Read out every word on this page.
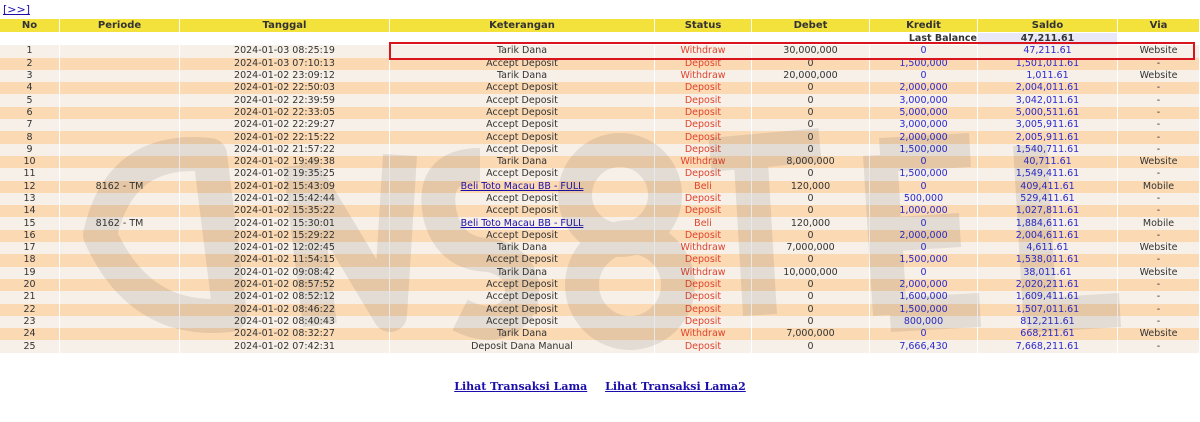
[>>]
No	Periode	Tanggal	Keterangan	Status	Debet	Kredit	Saldo	Via
						Last Balance	47,211.61	
1		2024-01-03 08:25:19	Tarik Dana	Withdraw	30,000,000	0	47,211.61	Website
2		2024-01-03 07:10:13	Accept Deposit	Deposit	0	1,500,000	1,501,011.61	-
3		2024-01-02 23:09:12	Tarik Dana	Withdraw	20,000,000	0	1,011.61	Website
4		2024-01-02 22:50:03	Accept Deposit	Deposit	0	2,000,000	2,004,011.61	-
5		2024-01-02 22:39:59	Accept Deposit	Deposit	0	3,000,000	3,042,011.61	-
6		2024-01-02 22:33:05	Accept Deposit	Deposit	0	5,000,000	5,000,511.61	-
7		2024-01-02 22:29:27	Accept Deposit	Deposit	0	3,000,000	3,005,911.61	-
8		2024-01-02 22:15:22	Accept Deposit	Deposit	0	2,000,000	2,005,911.61	-
9		2024-01-02 21:57:22	Accept Deposit	Deposit	0	1,500,000	1,540,711.61	-
10		2024-01-02 19:49:38	Tarik Dana	Withdraw	8,000,000	0	40,711.61	Website
11		2024-01-02 19:35:25	Accept Deposit	Deposit	0	1,500,000	1,549,411.61	-
12	8162 - TM	2024-01-02 15:43:09	Beli Toto Macau BB - FULL	Beli	120,000	0	409,411.61	Mobile
13		2024-01-02 15:42:44	Accept Deposit	Deposit	0	500,000	529,411.61	-
14		2024-01-02 15:35:22	Accept Deposit	Deposit	0	1,000,000	1,027,811.61	-
15	8162 - TM	2024-01-02 15:30:01	Beli Toto Macau BB - FULL	Beli	120,000	0	1,884,611.61	Mobile
16		2024-01-02 15:29:22	Accept Deposit	Deposit	0	2,000,000	2,004,611.61	-
17		2024-01-02 12:02:45	Tarik Dana	Withdraw	7,000,000	0	4,611.61	Website
18		2024-01-02 11:54:15	Accept Deposit	Deposit	0	1,500,000	1,538,011.61	-
19		2024-01-02 09:08:42	Tarik Dana	Withdraw	10,000,000	0	38,011.61	Website
20		2024-01-02 08:57:52	Accept Deposit	Deposit	0	2,000,000	2,020,211.61	-
21		2024-01-02 08:52:12	Accept Deposit	Deposit	0	1,600,000	1,609,411.61	-
22		2024-01-02 08:46:22	Accept Deposit	Deposit	0	1,500,000	1,507,011.61	-
23		2024-01-02 08:40:43	Accept Deposit	Deposit	0	800,000	812,211.61	-
24		2024-01-02 08:32:27	Tarik Dana	Withdraw	7,000,000	0	668,211.61	Website
25		2024-01-02 07:42:31	Deposit Dana Manual	Deposit	0	7,666,430	7,668,211.61	-
Lihat Transaksi Lama Lihat Transaksi Lama2
